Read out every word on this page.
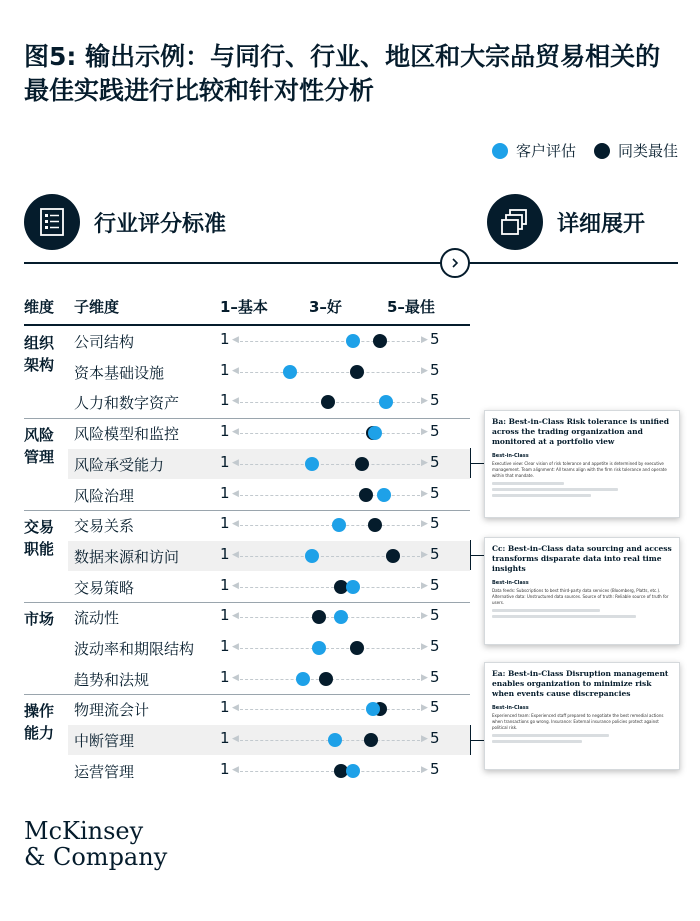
图5: 输出示例：与同行、行业、地区和大宗品贸易相关的最佳实践进行比较和针对性分析
客户评估	同类最佳
行业评分标准	详细展开
维度 子维度	1–基本	3–好	5–最佳
组织架构
公司结构	1 ◀	▶ 5
资本基础设施	1 ◀	▶ 5
人力和数字资产	1 ◀	▶ 5
风险管理
风险模型和监控	1 ◀	▶ 5
风险承受能力	1 ◀	▶ 5
风险治理	1 ◀	▶ 5
交易职能
交易关系	1 ◀	▶ 5
数据来源和访问	1 ◀	▶ 5
交易策略	1 ◀	▶ 5
市场	流动性	1 ◀	▶ 5
波动率和期限结构 1 ◀	▶ 5
趋势和法规	1 ◀	▶ 5
操作能力
物理流会计	1 ◀	▶ 5
中断管理	1 ◀	▶ 5
运营管理	1 ◀	▶ 5
Ba: Best-in-Class Risk tolerance is unified across the trading organization and monitored at a portfolio view
Best-in-Class
Executive view: Clear vision of risk tolerance and appetite is determined by executive management. Team alignment: All teams align with the firm risk tolerance and operate within that mandate.
Cc: Best-in-Class data sourcing and access transforms disparate data into real time insights
Best-in-Class
Data feeds: Subscriptions to best third-party data services (Bloomberg, Platts, etc.). Alternative data: Unstructured data sources. Source of truth: Reliable source of truth for users.
Ea: Best-in-Class Disruption management enables organization to minimize risk when events cause discrepancies
Best-in-Class
Experienced team: Experienced staff prepared to negotiate the best remedial actions when transactions go wrong. Insurance: External insurance policies protect against political risk.
McKinsey
& Company
